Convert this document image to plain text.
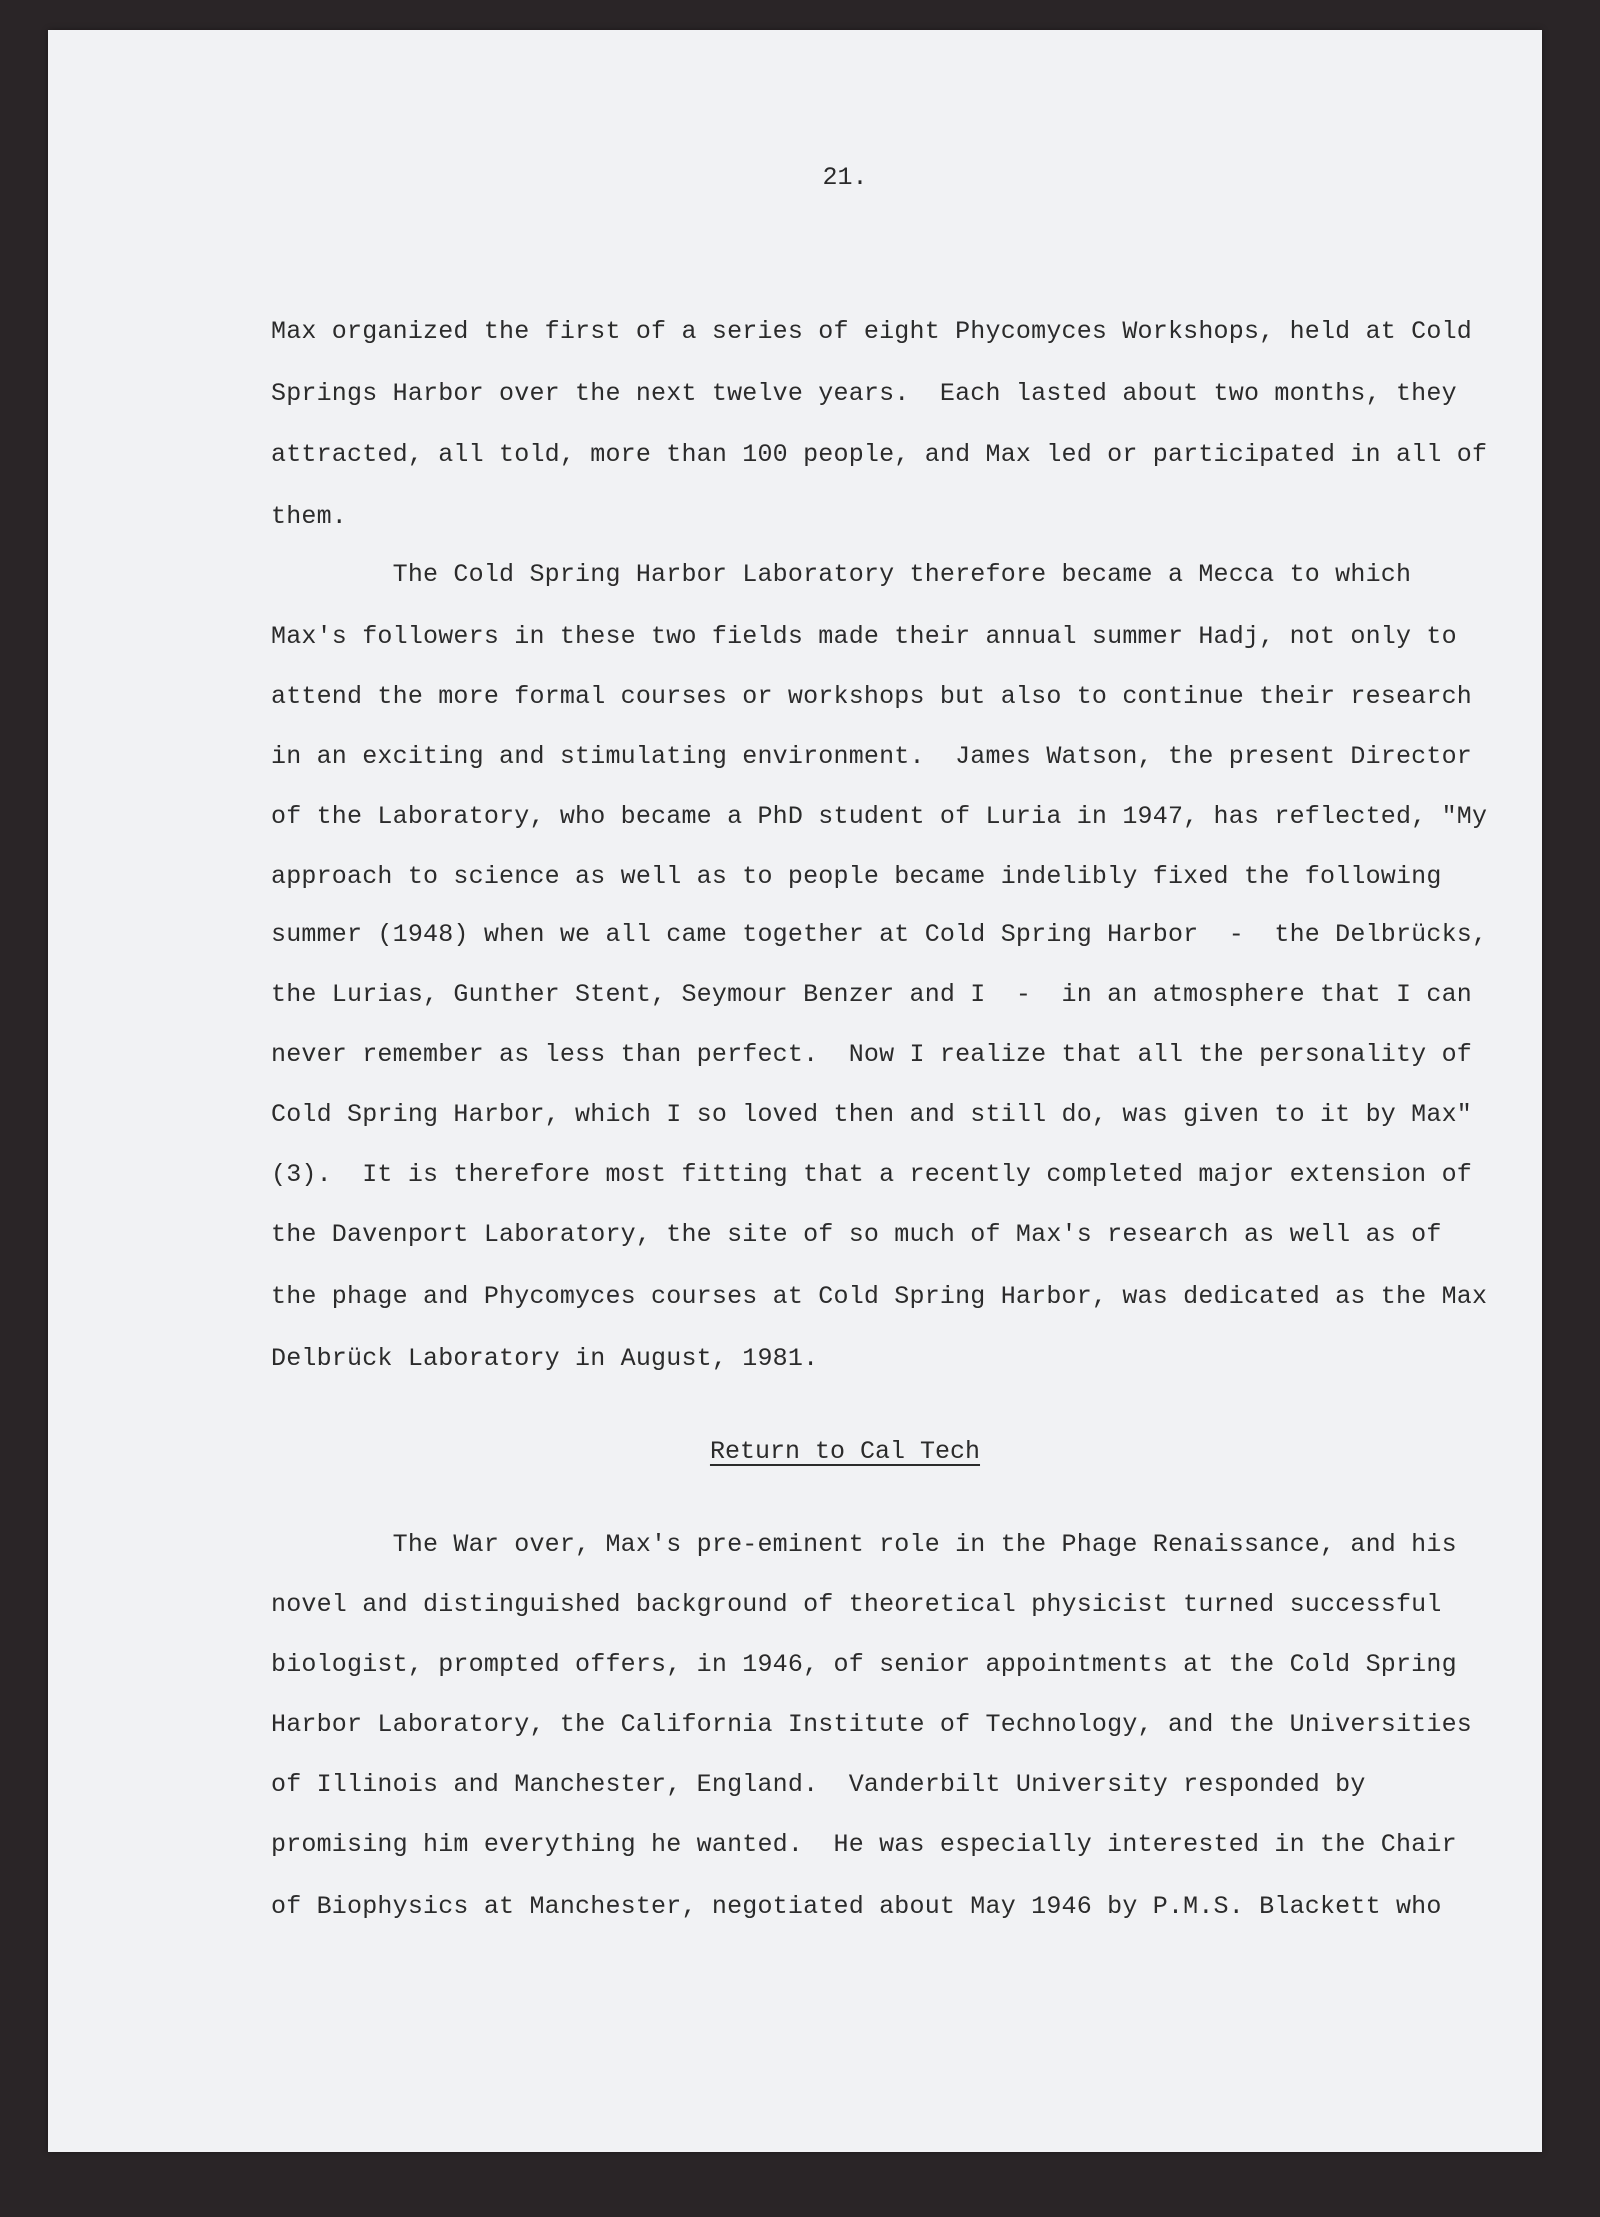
21.
Max organized the first of a series of eight Phycomyces Workshops, held at Cold
Springs Harbor over the next twelve years.  Each lasted about two months, they
attracted, all told, more than 100 people, and Max led or participated in all of
them.
The Cold Spring Harbor Laboratory therefore became a Mecca to which
Max's followers in these two fields made their annual summer Hadj, not only to
attend the more formal courses or workshops but also to continue their research
in an exciting and stimulating environment.  James Watson, the present Director
of the Laboratory, who became a PhD student of Luria in 1947, has reflected, "My
approach to science as well as to people became indelibly fixed the following
summer (1948) when we all came together at Cold Spring Harbor  -  the Delbrücks,
the Lurias, Gunther Stent, Seymour Benzer and I  -  in an atmosphere that I can
never remember as less than perfect.  Now I realize that all the personality of
Cold Spring Harbor, which I so loved then and still do, was given to it by Max"
(3).  It is therefore most fitting that a recently completed major extension of
the Davenport Laboratory, the site of so much of Max's research as well as of
the phage and Phycomyces courses at Cold Spring Harbor, was dedicated as the Max
Delbrück Laboratory in August, 1981.
Return to Cal Tech
The War over, Max's pre-eminent role in the Phage Renaissance, and his
novel and distinguished background of theoretical physicist turned successful
biologist, prompted offers, in 1946, of senior appointments at the Cold Spring
Harbor Laboratory, the California Institute of Technology, and the Universities
of Illinois and Manchester, England.  Vanderbilt University responded by
promising him everything he wanted.  He was especially interested in the Chair
of Biophysics at Manchester, negotiated about May 1946 by P.M.S. Blackett who
